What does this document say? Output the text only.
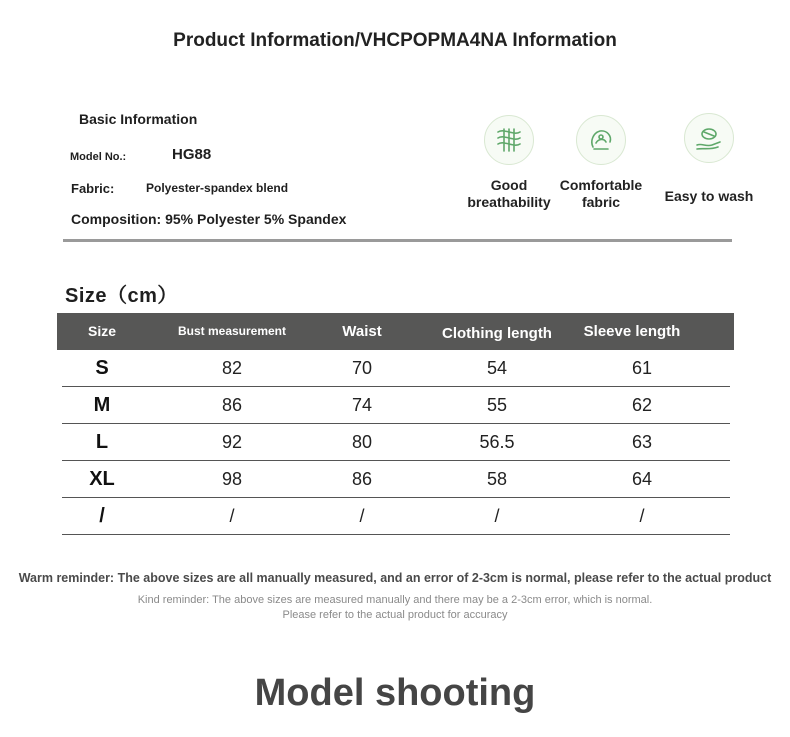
Product Information/VHCPOPMA4NA Information
Basic Information
Model No.:	HG88
Fabric:	Polyester-spandex blend
Composition: 95% Polyester 5% Spandex
Good
breathability
Comfortable
fabric	Easy to wash
Size（cm）
Size	Bust measurement	Waist	Clothing length	Sleeve length
S	82	70	54	61
M	86	74	55	62
L	92	80	56.5	63
XL	98	86	58	64
/	/	/	/	/
Warm reminder: The above sizes are all manually measured, and an error of 2-3cm is normal, please refer to the actual product
Kind reminder: The above sizes are measured manually and there may be a 2-3cm error, which is normal.
Please refer to the actual product for accuracy
Model shooting
